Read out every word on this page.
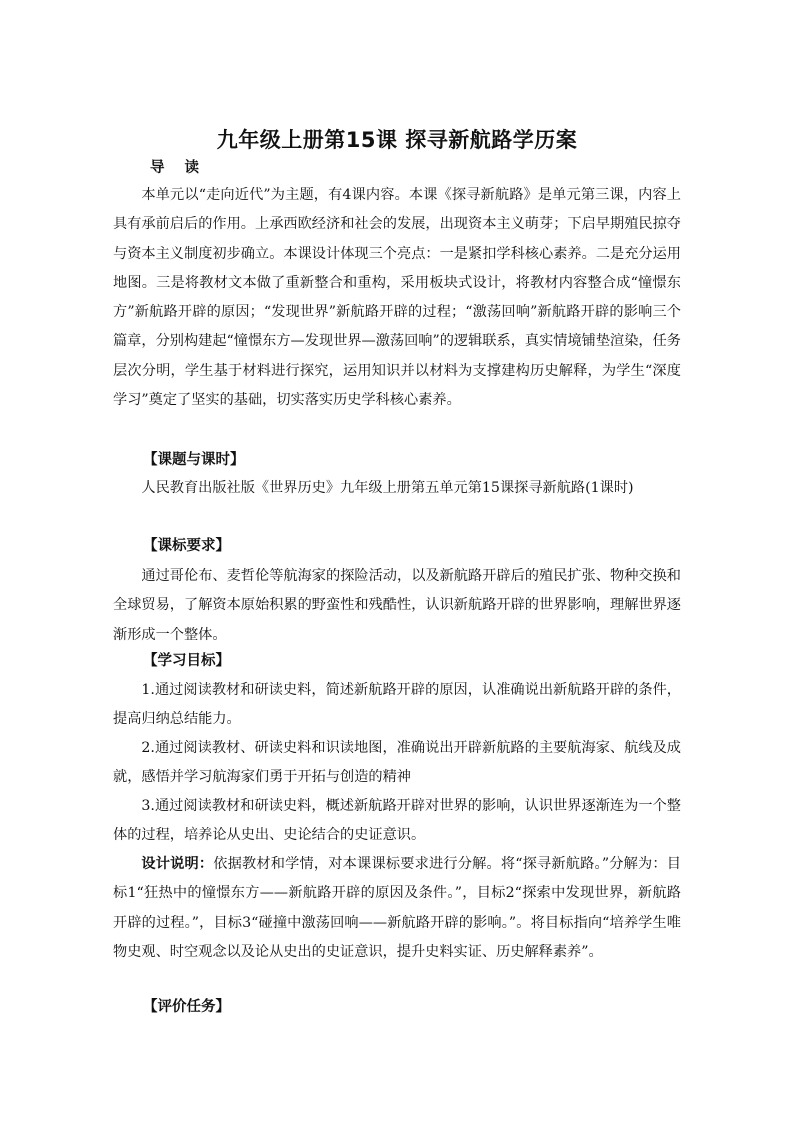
九年级上册第15课 探寻新航路学历案
导读

本单元以“走向近代”为主题，有4课内容。本课《探寻新航路》是单元第三课，内容上具有承前启后的作用。上承西欧经济和社会的发展，出现资本主义萌芽；下启早期殖民掠夺与资本主义制度初步确立。本课设计体现三个亮点：一是紧扣学科核心素养。二是充分运用地图。三是将教材文本做了重新整合和重构，采用板块式设计，将教材内容整合成“憧憬东方”新航路开辟的原因；“发现世界”新航路开辟的过程；“激荡回响”新航路开辟的影响三个篇章，分别构建起“憧憬东方—发现世界—激荡回响”的逻辑联系，真实情境铺垫渲染，任务层次分明，学生基于材料进行探究，运用知识并以材料为支撑建构历史解释，为学生“深度学习”奠定了坚实的基础，切实落实历史学科核心素养。

【课题与课时】

人民教育出版社版《世界历史》九年级上册第五单元第15课探寻新航路(1课时)

【课标要求】

通过哥伦布、麦哲伦等航海家的探险活动，以及新航路开辟后的殖民扩张、物种交换和全球贸易，了解资本原始积累的野蛮性和残酷性，认识新航路开辟的世界影响，理解世界逐渐形成一个整体。

【学习目标】

1.通过阅读教材和研读史料，简述新航路开辟的原因，认准确说出新航路开辟的条件，提高归纳总结能力。

2.通过阅读教材、研读史料和识读地图，准确说出开辟新航路的主要航海家、航线及成就，感悟并学习航海家们勇于开拓与创造的精神

3.通过阅读教材和研读史料，概述新航路开辟对世界的影响，认识世界逐渐连为一个整体的过程，培养论从史出、史论结合的史证意识。

设计说明：依据教材和学情，对本课课标要求进行分解。将“探寻新航路。”分解为：目标1“狂热中的憧憬东方——新航路开辟的原因及条件。”，目标2“探索中发现世界，新航路开辟的过程。”，目标3“碰撞中激荡回响——新航路开辟的影响。”。将目标指向“培养学生唯物史观、时空观念以及论从史出的史证意识，提升史料实证、历史解释素养”。

【评价任务】
